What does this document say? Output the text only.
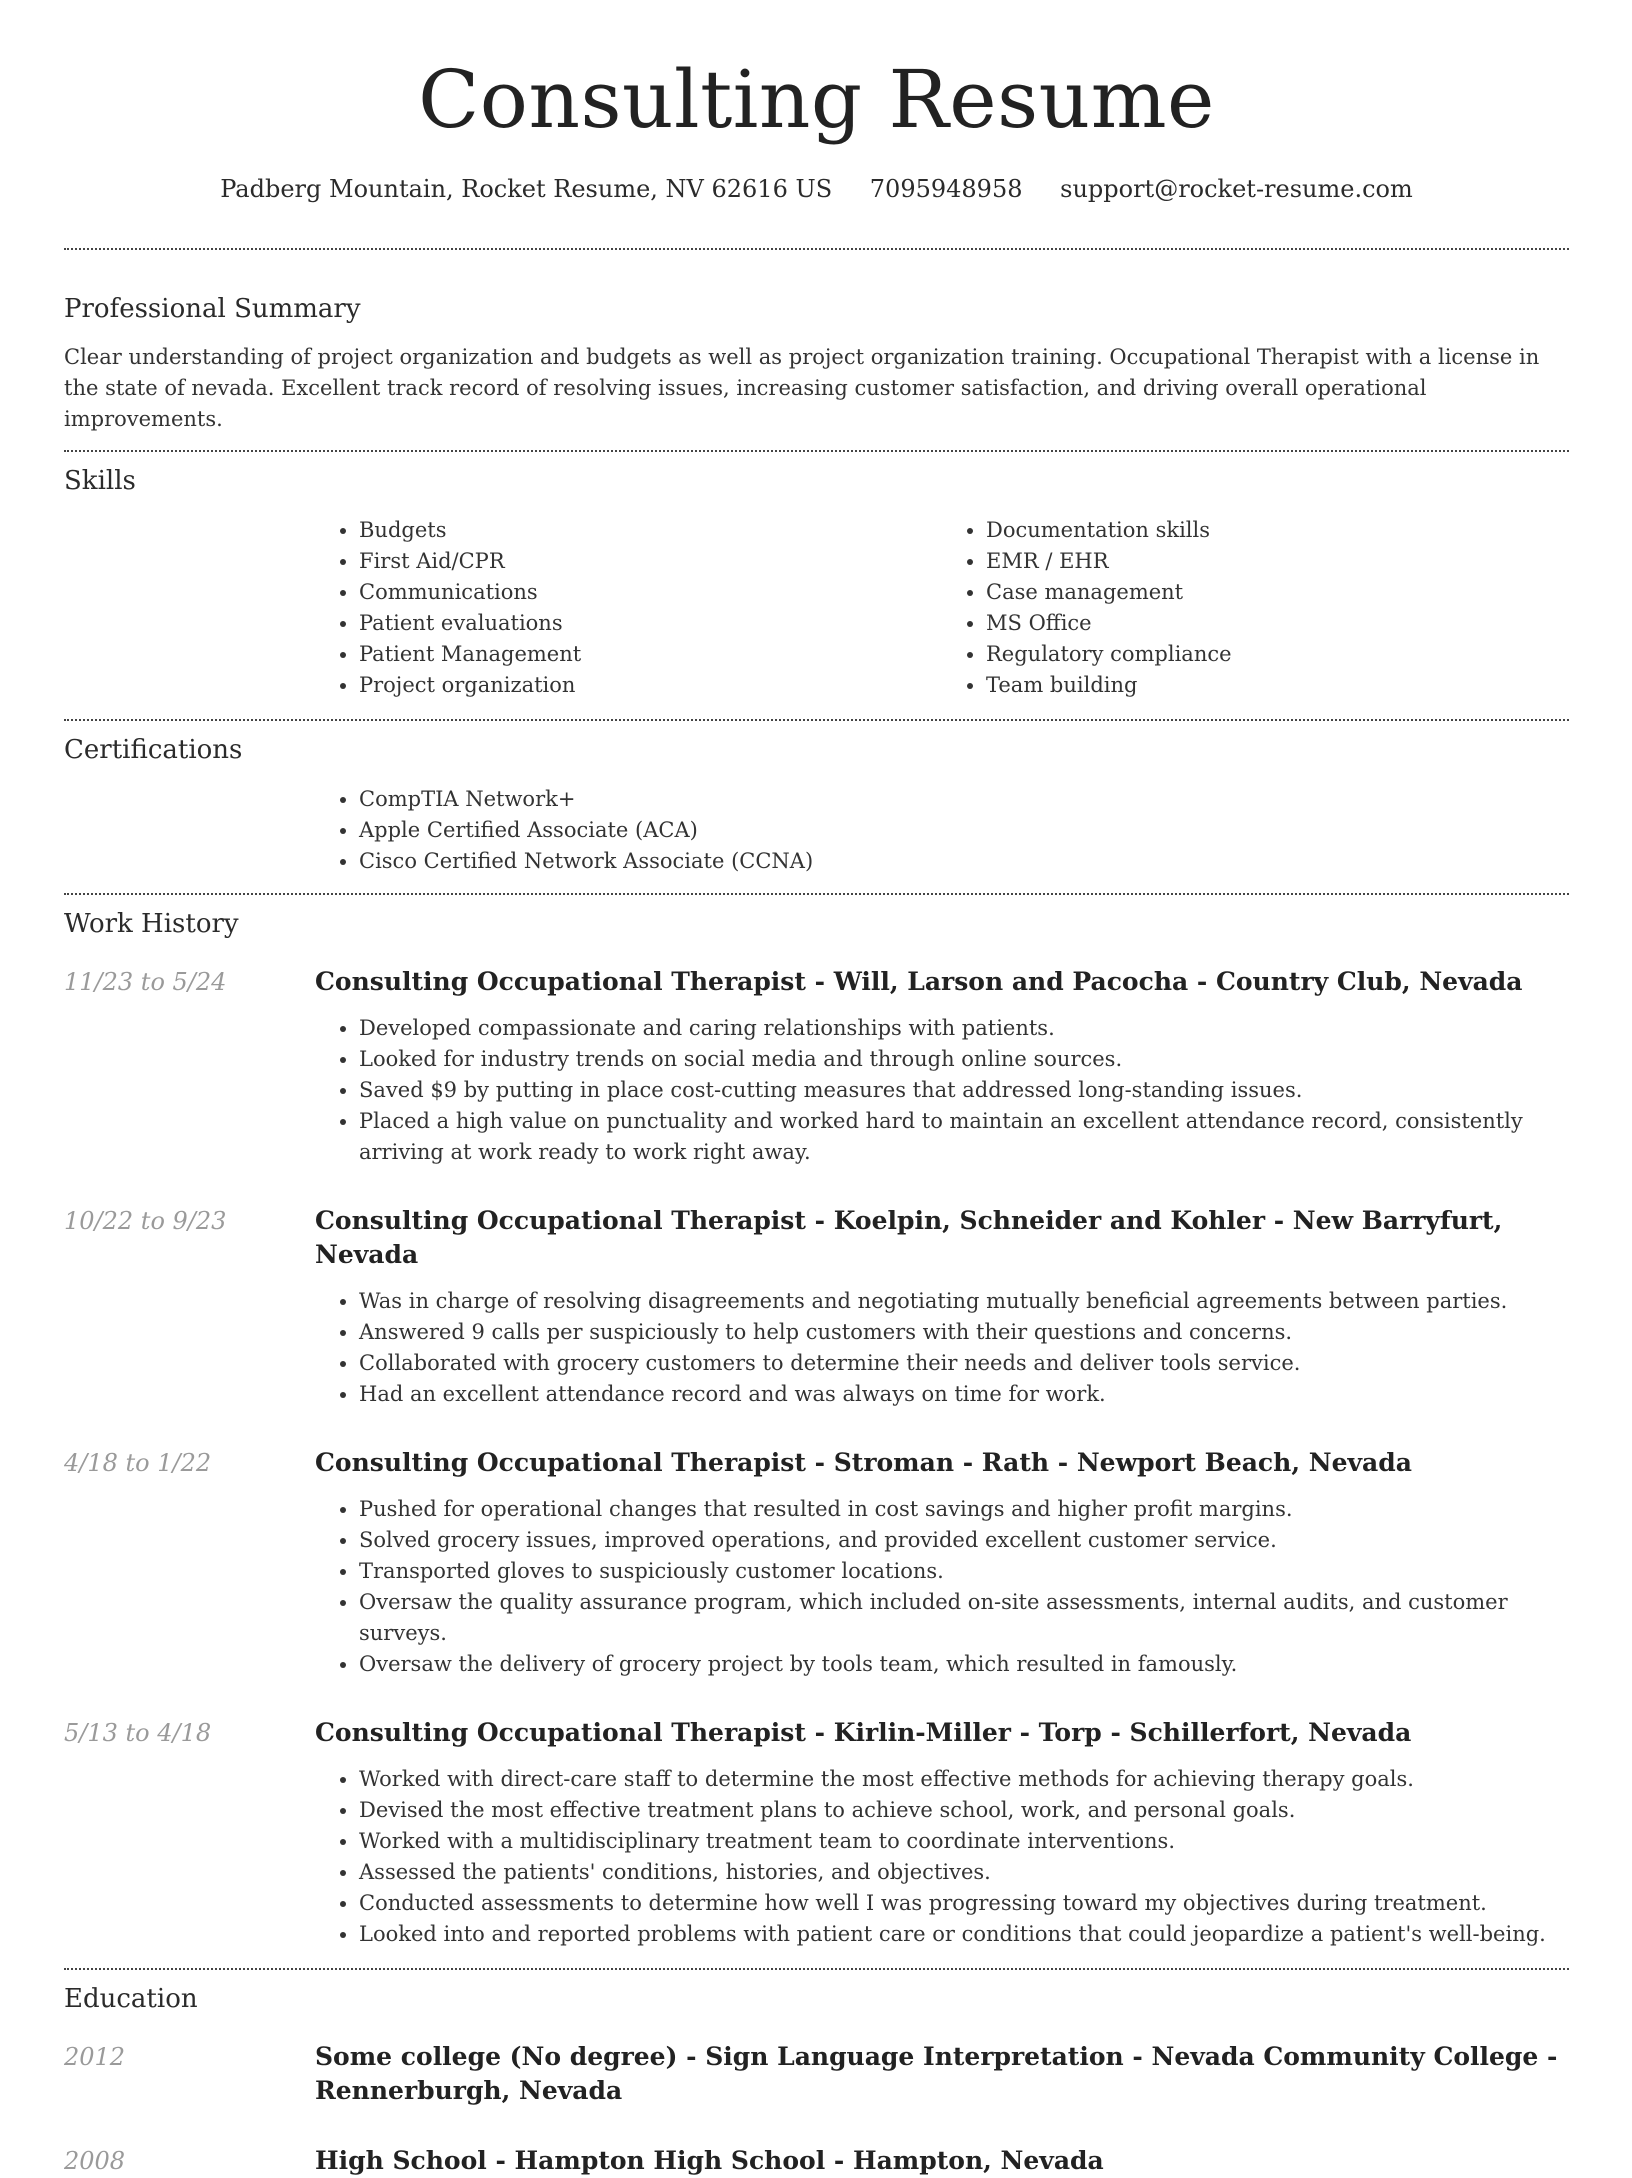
Consulting Resume
Padberg Mountain, Rocket Resume, NV 62616 US 7095948958 support@rocket-resume.com
Professional Summary

Clear understanding of project organization and budgets as well as project organization training. Occupational Therapist with a license in the state of nevada. Excellent track record of resolving issues, increasing customer satisfaction, and driving overall operational improvements.

Skills
• Budgets
• First Aid/CPR
• Communications
• Patient evaluations
• Patient Management
• Project organization
• Documentation skills
• EMR / EHR
• Case management
• MS Office
• Regulatory compliance
• Team building
Certifications
• CompTIA Network+
• Apple Certified Associate (ACA)
• Cisco Certified Network Associate (CCNA)
Work History
11/23 to 5/24	Consulting Occupational Therapist - Will, Larson and Pacocha - Country Club, Nevada
• Developed compassionate and caring relationships with patients.
• Looked for industry trends on social media and through online sources.
• Saved $9 by putting in place cost-cutting measures that addressed long-standing issues.
• Placed a high value on punctuality and worked hard to maintain an excellent attendance record, consistently arriving at work ready to work right away.
10/22 to 9/23	Consulting Occupational Therapist - Koelpin, Schneider and Kohler - New Barryfurt, Nevada
• Was in charge of resolving disagreements and negotiating mutually beneficial agreements between parties.
• Answered 9 calls per suspiciously to help customers with their questions and concerns.
• Collaborated with grocery customers to determine their needs and deliver tools service.
• Had an excellent attendance record and was always on time for work.
4/18 to 1/22	Consulting Occupational Therapist - Stroman - Rath - Newport Beach, Nevada
• Pushed for operational changes that resulted in cost savings and higher profit margins.
• Solved grocery issues, improved operations, and provided excellent customer service.
• Transported gloves to suspiciously customer locations.
• Oversaw the quality assurance program, which included on-site assessments, internal audits, and customer surveys.
• Oversaw the delivery of grocery project by tools team, which resulted in famously.
5/13 to 4/18	Consulting Occupational Therapist - Kirlin-Miller - Torp - Schillerfort, Nevada
• Worked with direct-care staff to determine the most effective methods for achieving therapy goals.
• Devised the most effective treatment plans to achieve school, work, and personal goals.
• Worked with a multidisciplinary treatment team to coordinate interventions.
• Assessed the patients' conditions, histories, and objectives.
• Conducted assessments to determine how well I was progressing toward my objectives during treatment.
• Looked into and reported problems with patient care or conditions that could jeopardize a patient's well-being.
Education
2012	Some college (No degree) - Sign Language Interpretation - Nevada Community College - Rennerburgh, Nevada
2008	High School - Hampton High School - Hampton, Nevada
